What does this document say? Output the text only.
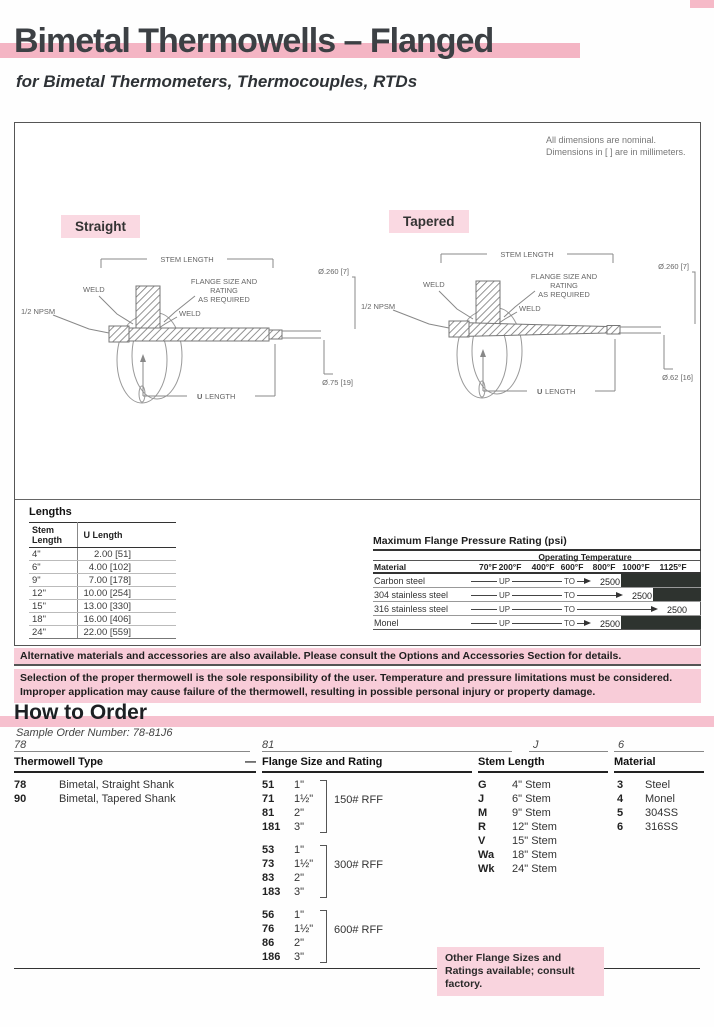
Bimetal Thermowells – Flanged
for Bimetal Thermometers, Thermocouples, RTDs
All dimensions are nominal.
Dimensions in [ ] are in millimeters.
Straight	Tapered
STEM LENGTH
WELD
FLANGE SIZE AND
RATING
AS REQUIRED
WELD
1/2 NPSM
Ø.260 [7]
Ø.75 [19]
U LENGTH
STEM LENGTH
WELD
FLANGE SIZE AND
RATING
AS REQUIRED
WELD
1/2 NPSM
Ø.260 [7]
Ø.62 [16]
U LENGTH
Lengths
Stem Length	U Length
4"	2.00 [51]
6"	4.00 [102]
9"	7.00 [178]
12"	10.00 [254]
15"	13.00 [330]
18"	16.00 [406]
24"	22.00 [559]
Maximum Flange Pressure Rating (psi)
Operating Temperature
Material	70°F 200°F 400°F 600°F 800°F 1000°F 1125°F
Carbon steel	UP	TO	2500
304 stainless steel	UP	TO	2500
316 stainless steel	UP	TO	2500
Monel	UP	TO	2500
Alternative materials and accessories are also available. Please consult the Options and Accessories Section for details.
Selection of the proper thermowell is the sole responsibility of the user. Temperature and pressure limitations must be considered. Improper application may cause failure of the thermowell, resulting in possible personal injury or property damage.
How to Order
Sample Order Number: 78-81J6
78	81	J	6
Thermowell Type	— Flange Size and Rating	Stem Length	Material
78	Bimetal, Straight Shank
90	Bimetal, Tapered Shank
51	1"
71	1½"
81	2"
181	3"
150# RFF
53	1"
73	1½"
83	2"
183	3"
300# RFF
56	1"
76	1½"
86	2"
186	3"
600# RFF
G	4" Stem
J	6" Stem
M	9" Stem
R	12" Stem
V	15" Stem
Wa	18" Stem
Wk	24" Stem
3	Steel
4	Monel
5	304SS
6	316SS
Other Flange Sizes and Ratings available; consult factory.
